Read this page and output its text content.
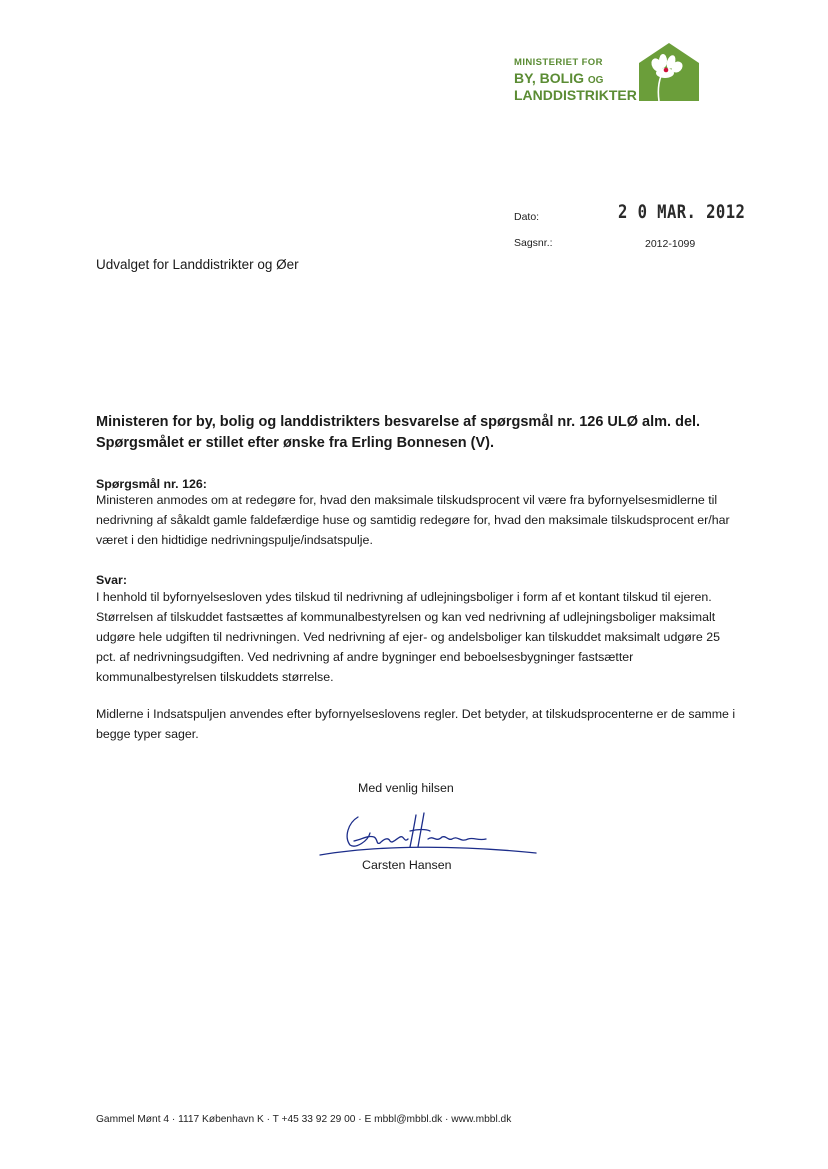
MINISTERIET FOR
BY, BOLIG OG
LANDDISTRIKTER
Dato:	2 0 MAR. 2012
Sagsnr.:	2012-1099
Udvalget for Landdistrikter og Øer
Ministeren for by, bolig og landdistrikters besvarelse af spørgsmål nr. 126 ULØ alm. del. Spørgsmålet er stillet efter ønske fra Erling Bonnesen (V).
Spørgsmål nr. 126:
Ministeren anmodes om at redegøre for, hvad den maksimale tilskudsprocent vil være fra byfornyelsesmidlerne til nedrivning af såkaldt gamle faldefærdige huse og samtidig redegøre for, hvad den maksimale tilskudsprocent er/har været i den hidtidige nedrivningspulje/indsatspulje.
Svar:
I henhold til byfornyelsesloven ydes tilskud til nedrivning af udlejningsboliger i form af et kontant tilskud til ejeren. Størrelsen af tilskuddet fastsættes af kommunalbestyrelsen og kan ved nedrivning af udlejningsboliger maksimalt udgøre hele udgiften til nedrivningen. Ved nedrivning af ejer- og andelsboliger kan tilskuddet maksimalt udgøre 25 pct. af nedrivningsudgiften. Ved nedrivning af andre bygninger end beboelsesbygninger fastsætter kommunalbestyrelsen tilskuddets størrelse.
Midlerne i Indsatspuljen anvendes efter byfornyelseslovens regler. Det betyder, at tilskudsprocenterne er de samme i begge typer sager.
Med venlig hilsen
Carsten Hansen
Gammel Mønt 4 · 1117 København K · T +45 33 92 29 00 · E mbbl@mbbl.dk · www.mbbl.dk
